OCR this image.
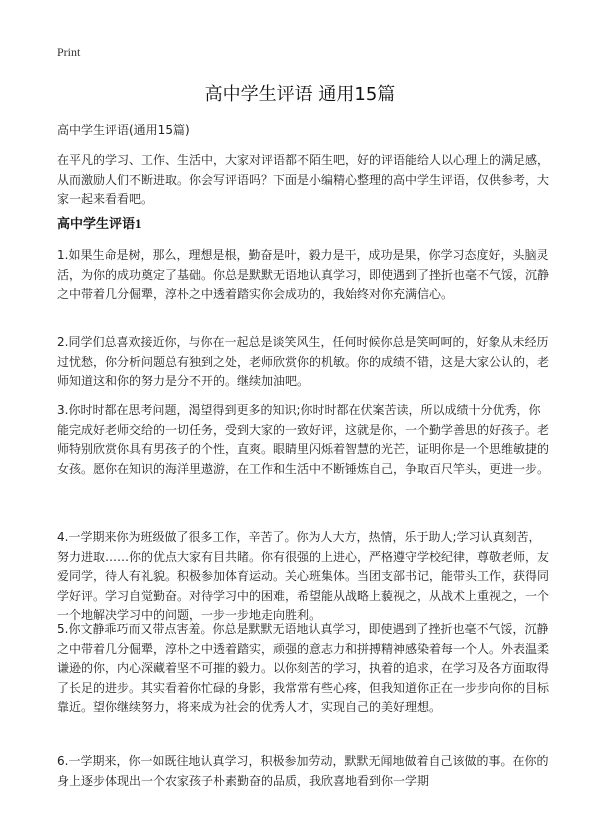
Print
高中学生评语 通用15篇
高中学生评语(通用15篇)

在平凡的学习、工作、生活中，大家对评语都不陌生吧，好的评语能给人以心理上的满足感，从而激励人们不断进取。你会写评语吗？下面是小编精心整理的高中学生评语，仅供参考，大家一起来看看吧。

高中学生评语1

1.如果生命是树，那么，理想是根，勤奋是叶，毅力是干，成功是果，你学习态度好，头脑灵活，为你的成功奠定了基础。你总是默默无语地认真学习，即使遇到了挫折也毫不气馁，沉静之中带着几分倔犟，淳朴之中透着踏实你会成功的，我始终对你充满信心。

2.同学们总喜欢接近你，与你在一起总是谈笑风生，任何时候你总是笑呵呵的，好象从未经历过忧愁，你分析问题总有独到之处，老师欣赏你的机敏。你的成绩不错，这是大家公认的，老师知道这和你的努力是分不开的。继续加油吧。

3.你时时都在思考问题，渴望得到更多的知识;你时时都在伏案苦读，所以成绩十分优秀，你能完成好老师交给的一切任务，受到大家的一致好评，这就是你，一个勤学善思的好孩子。老师特别欣赏你具有男孩子的个性，直爽。眼睛里闪烁着智慧的光芒，证明你是一个思维敏捷的女孩。愿你在知识的海洋里遨游，在工作和生活中不断锤炼自己，争取百尺竿头，更进一步。

4.一学期来你为班级做了很多工作，辛苦了。你为人大方，热情，乐于助人;学习认真刻苦，努力进取……你的优点大家有目共睹。你有很强的上进心，严格遵守学校纪律，尊敬老师，友爱同学，待人有礼貌。积极参加体育运动。关心班集体。当团支部书记，能带头工作，获得同学好评。学习自觉勤奋。对待学习中的困难，希望能从战略上藐视之，从战术上重视之，一个一个地解决学习中的问题，一步一步地走向胜利。

5.你文静乖巧而又带点害羞。你总是默默无语地认真学习，即使遇到了挫折也毫不气馁，沉静之中带着几分倔犟，淳朴之中透着踏实，顽强的意志力和拼搏精神感染着每一个人。外表温柔谦逊的你，内心深藏着坚不可摧的毅力。以你刻苦的学习，执着的追求，在学习及各方面取得了长足的进步。其实看着你忙碌的身影，我常常有些心疼，但我知道你正在一步步向你的目标靠近。望你继续努力，将来成为社会的优秀人才，实现自己的美好理想。

6.一学期来，你一如既往地认真学习，积极参加劳动，默默无闻地做着自己该做的事。在你的身上逐步体现出一个农家孩子朴素勤奋的品质，我欣喜地看到你一学期
